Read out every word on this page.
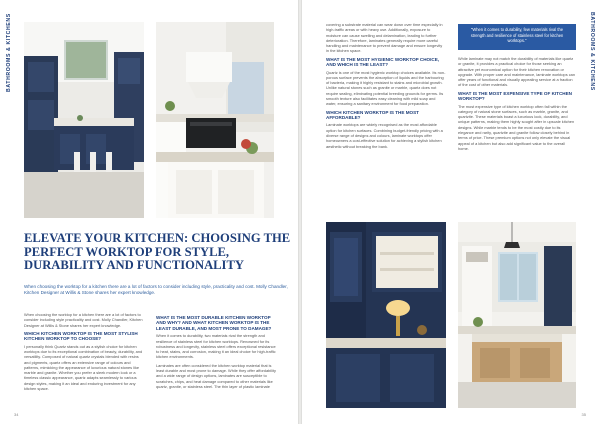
BATHROOMS & KITCHENS
ELEVATE YOUR KITCHEN: CHOOSING THE PERFECT WORKTOP FOR STYLE, DURABILITY AND FUNCTIONALITY
When choosing the worktop for a kitchen there are a lot of factors to consider including style, practicality and cost. Molly Chandler, Kitchen Designer at Willis & Stone shares her expert knowledge.

When choosing the worktop for a kitchen there are a lot of factors to consider including style practicality and cost. Molly Chandler, Kitchen Designer at Willis & Stone shares her expert knowledge.

WHICH KITCHEN WORKTOP IS THE MOST STYLISH KITCHEN WORKTOP TO CHOOSE?

I personally think Quartz stands out as a stylish choice for kitchen worktops due to its exceptional combination of beauty, durability, and versatility. Composed of natural quartz crystals blended with resins and pigments, quartz offers an extensive range of colours and patterns, mimicking the appearance of luxurious natural stones like marble and granite. Whether you prefer a sleek modern look or a timeless classic appearance, quartz adapts seamlessly to various design styles, making it an ideal and enduring investment for any kitchen space.

WHAT IS THE MOST DURABLE KITCHEN WORKTOP AND WHY? AND WHAT KITCHEN WORKTOP IS THE LEAST DURABLE, AND MOST PRONE TO DAMAGE?

When it comes to durability, two materials rival the strength and resilience of stainless steel for kitchen worktops. Renowned for its robustness and longevity, stainless steel offers exceptional resistance to heat, stains, and corrosion, making it an ideal choice for high-traffic kitchen environments.

Laminates are often considered the kitchen worktop material that is least durable and most prone to damage. While they offer affordability and a wide range of design options, laminates are susceptible to scratches, chips, and heat damage compared to other materials like quartz, granite, or stainless steel. The thin layer of plastic laminate

34
BATHROOMS & KITCHENS

covering a substrate material can wear down over time especially in high-traffic areas or with heavy use. Additionally, exposure to moisture can cause swelling and delamination, leading to further deterioration. Therefore, laminates generally require more careful handling and maintenance to prevent damage and ensure longevity in the kitchen space.

WHAT IS THE MOST HYGIENIC WORKTOP CHOICE, AND WHICH IS THE LEAST?

Quartz is one of the most hygienic worktop choices available. Its non-porous surface prevents the absorption of liquids and the harbouring of bacteria, making it highly resistant to stains and microbial growth. Unlike natural stones such as granite or marble, quartz does not require sealing, eliminating potential breeding grounds for germs. Its smooth texture also facilitates easy cleaning with mild soap and water, ensuring a sanitary environment for food preparation.

WHICH KITCHEN WORKTOP IS THE MOST AFFORDABLE?

Laminate worktops are widely recognised as the most affordable option for kitchen surfaces. Combining budget-friendly pricing with a diverse range of designs and colours, laminate worktops offer homeowners a cost-effective solution for achieving a stylish kitchen aesthetic without breaking the bank.

"When it comes to durability, few materials rival the strength and resilience of stainless steel for kitchen worktops."

While laminate may not match the durability of materials like quartz or granite, it provides a practical choice for those seeking an attractive yet economical option for their kitchen renovation or upgrade. With proper care and maintenance, laminate worktops can offer years of functional and visually appealing service at a fraction of the cost of other materials.

WHAT IS THE MOST EXPENSIVE TYPE OF KITCHEN WORKTOP?

The most expensive type of kitchen worktop often fall within the category of natural stone surfaces, such as marble, granite, and quartzite. These materials boast a luxurious look, durability, and unique patterns, making them highly sought after in upscale kitchen designs. While marble tends to be the most costly due to its elegance and rarity, quartzite and granite follow closely behind in terms of price. These premium options not only elevate the visual appeal of a kitchen but also add significant value to the overall home.

35
